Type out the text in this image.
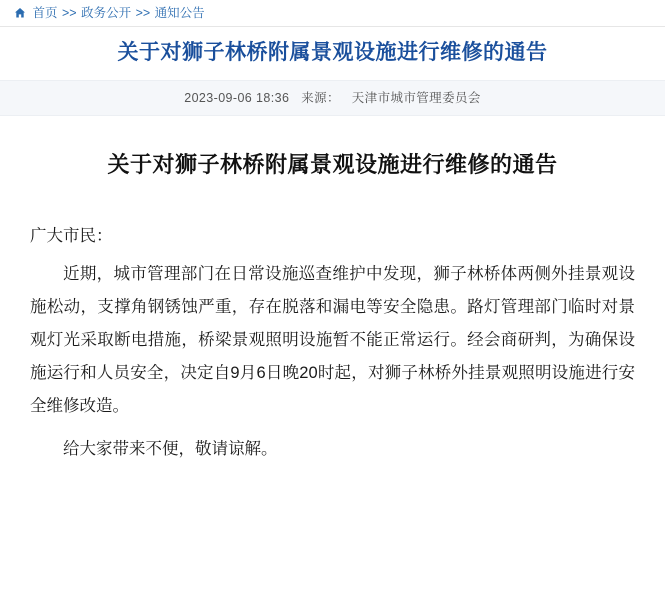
首页 >> 政务公开 >> 通知公告
关于对狮子林桥附属景观设施进行维修的通告
2023-09-06 18:36 来源： 天津市城市管理委员会
关于对狮子林桥附属景观设施进行维修的通告
广大市民：

近期，城市管理部门在日常设施巡查维护中发现，狮子林桥体两侧外挂景观设施松动，支撑角钢锈蚀严重，存在脱落和漏电等安全隐患。路灯管理部门临时对景观灯光采取断电措施，桥梁景观照明设施暂不能正常运行。经会商研判，为确保设施运行和人员安全，决定自9月6日晚20时起，对狮子林桥外挂景观照明设施进行安全维修改造。

给大家带来不便，敬请谅解。
